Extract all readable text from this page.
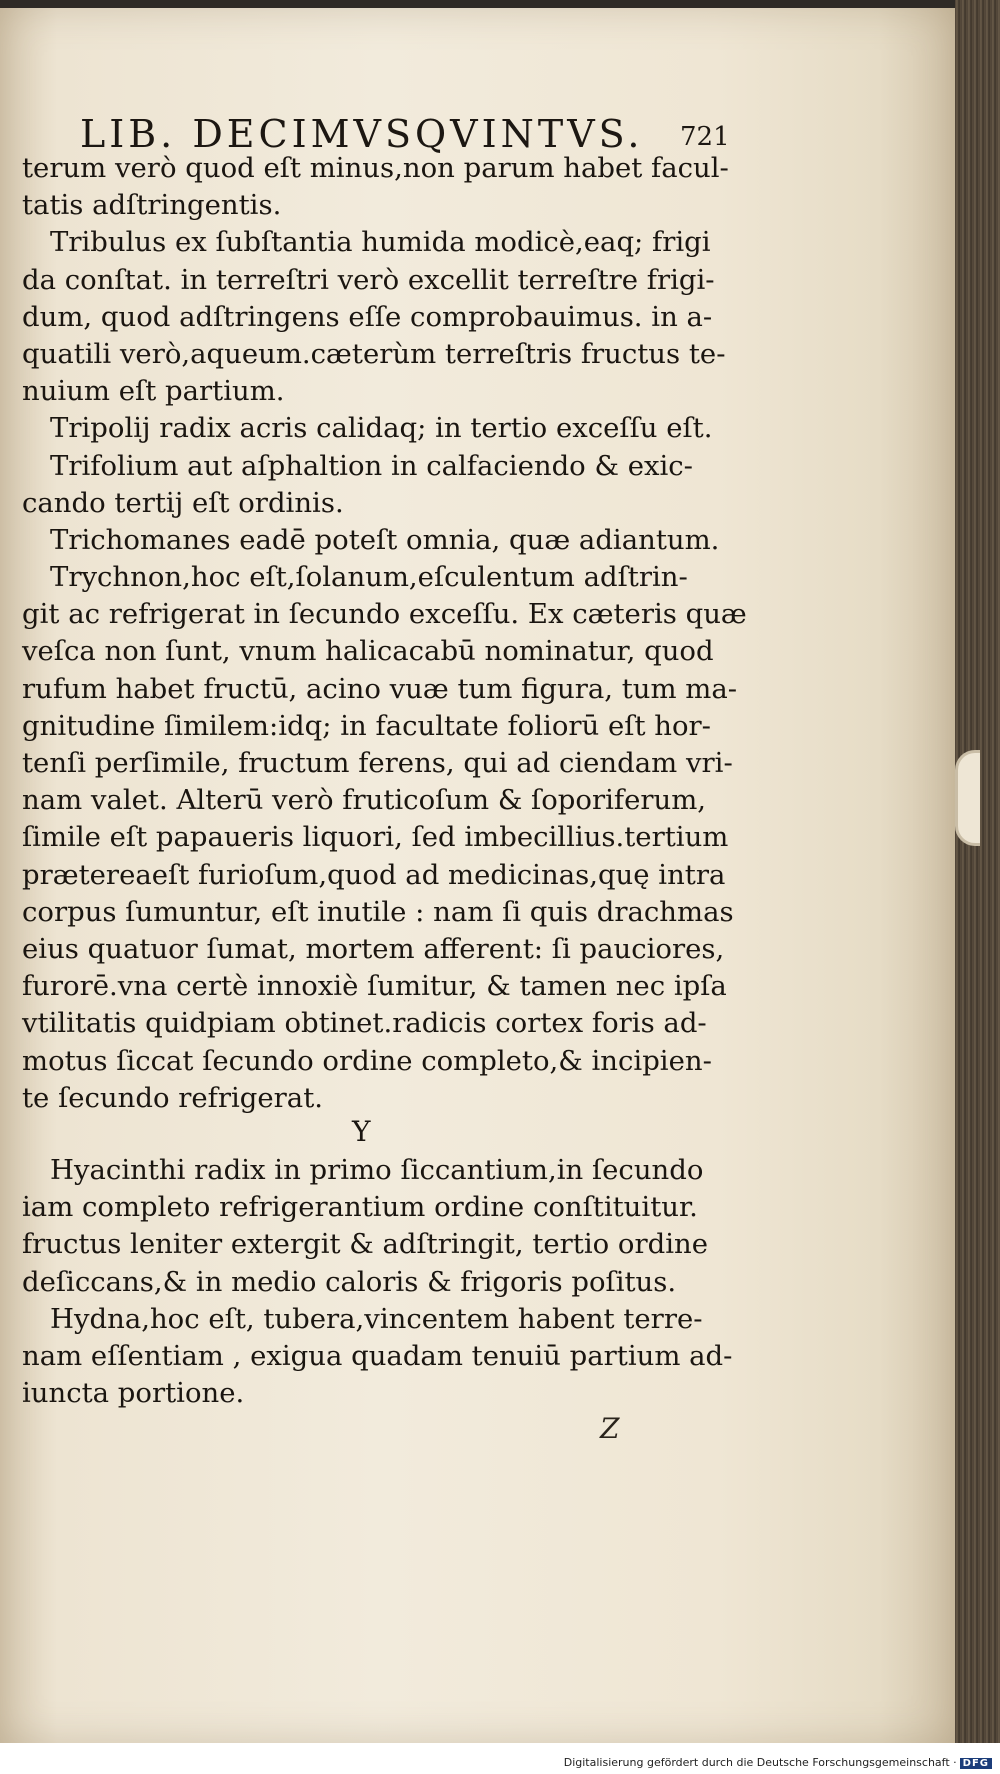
LIB. DECIMVSQVINTVS.	721
terum verò quod eſt minus,non parum habet facul-
tatis adſtringentis.
Tribulus ex ſubſtantia humida modicè,eaq; frigi
da conſtat. in terreſtri verò excellit terreſtre frigi-
dum, quod adſtringens eſſe comprobauimus. in a-
quatili verò,aqueum.cæterùm terreſtris fructus te-
nuium eſt partium.
Tripolij radix acris calidaq; in tertio exceſſu eſt.
Trifolium aut aſphaltion in calfaciendo & exic-
cando tertij eſt ordinis.
Trichomanes eadē poteſt omnia, quæ adiantum.
Trychnon,hoc eſt,ſolanum,eſculentum adſtrin-
git ac refrigerat in ſecundo exceſſu. Ex cæteris quæ
veſca non ſunt, vnum halicacabū nominatur, quod
rufum habet fructū, acino vuæ tum figura, tum ma-
gnitudine ſimilem:idq; in facultate foliorū eſt hor-
tenſi perſimile, fructum ferens, qui ad ciendam vri-
nam valet. Alterū verò fruticoſum & ſoporiferum,
ſimile eſt papaueris liquori, ſed imbecillius.tertium
prætereaeſt furioſum,quod ad medicinas,quę intra
corpus ſumuntur, eſt inutile : nam ſi quis drachmas
eius quatuor ſumat, mortem afferent: ſi pauciores,
furorē.vna certè innoxiè ſumitur, & tamen nec ipſa
vtilitatis quidpiam obtinet.radicis cortex foris ad-
motus ſiccat ſecundo ordine completo,& incipien-
te ſecundo refrigerat.
Y
Hyacinthi radix in primo ſiccantium,in ſecundo
iam completo refrigerantium ordine conſtituitur.
fructus leniter extergit & adſtringit, tertio ordine
deſiccans,& in medio caloris & frigoris poſitus.
Hydna,hoc eſt, tubera,vincentem habent terre-
nam eſſentiam , exigua quadam tenuiū partium ad-
iuncta portione.
Z
Digitalisierung gefördert durch die Deutsche Forschungsgemeinschaft · DFG
